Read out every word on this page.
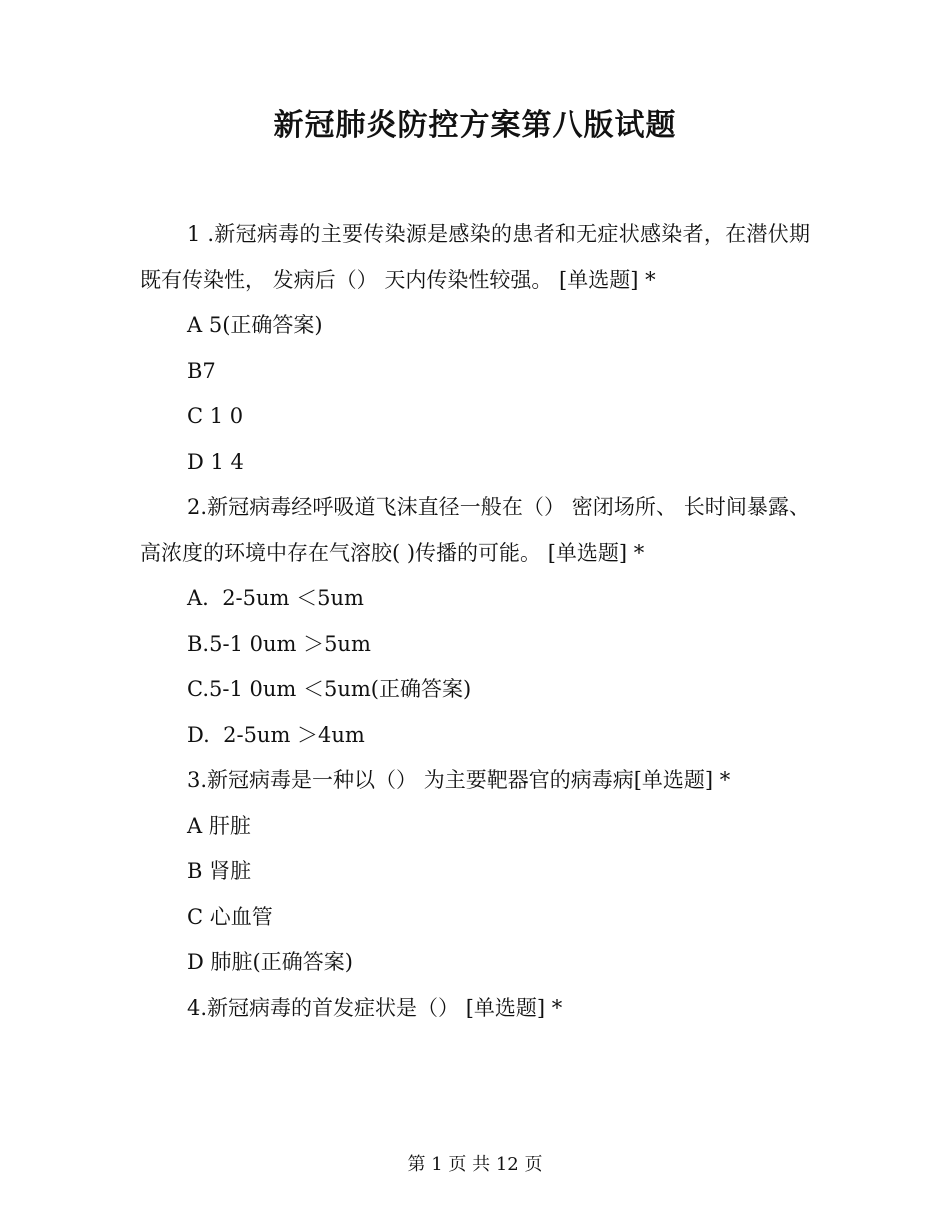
新冠肺炎防控方案第八版试题

1 .新冠病毒的主要传染源是感染的患者和无症状感染者，在潜伏期既有传染性， 发病后（） 天内传染性较强。 [单选题] *

A 5(正确答案)

B7

C 1 0

D 1 4

2.新冠病毒经呼吸道飞沫直径一般在（） 密闭场所、 长时间暴露、 高浓度的环境中存在气溶胶( )传播的可能。 [单选题] *

A.  2-5um ＜5um

B.5-1 0um ＞5um

C.5-1 0um ＜5um(正确答案)

D.  2-5um ＞4um

3.新冠病毒是一种以（） 为主要靶器官的病毒病[单选题] *

A 肝脏

B 肾脏

C 心血管

D 肺脏(正确答案)

4.新冠病毒的首发症状是（） [单选题] *

第 1 页 共 12 页
